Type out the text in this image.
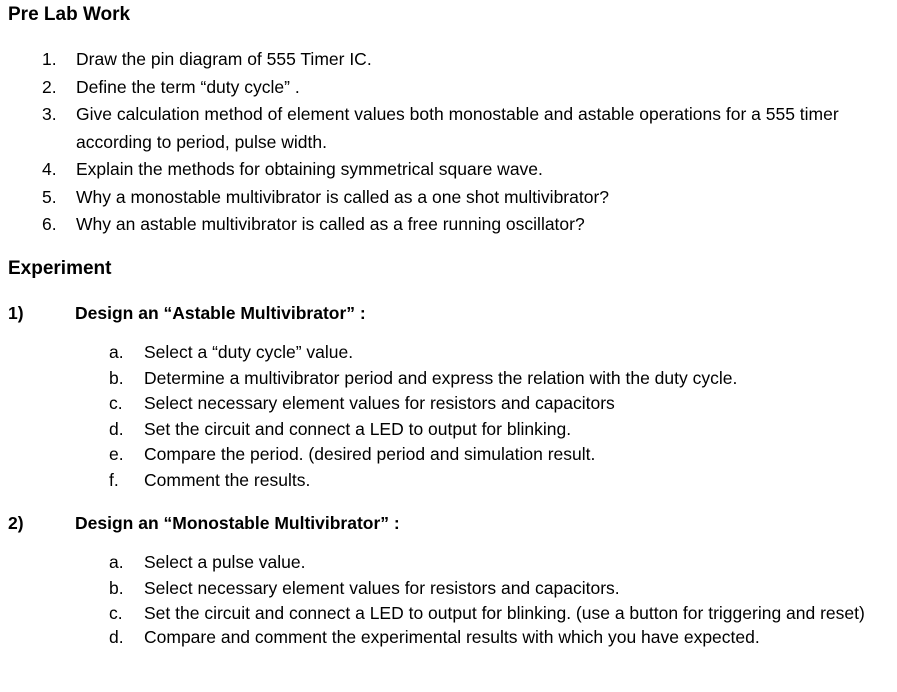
Pre Lab Work
1. Draw the pin diagram of 555 Timer IC.
2. Define the term “duty cycle” .
3. Give calculation method of element values both monostable and astable operations for a 555 timer according to period, pulse width.
4. Explain the methods for obtaining symmetrical square wave.
5. Why a monostable multivibrator is called as a one shot multivibrator?
6. Why an astable multivibrator is called as a free running oscillator?
Experiment
1)	Design an “Astable Multivibrator” :
a. Select a “duty cycle” value.
b. Determine a multivibrator period and express the relation with the duty cycle.
c. Select necessary element values for resistors and capacitors
d. Set the circuit and connect a LED to output for blinking.
e. Compare the period. (desired period and simulation result.
f. Comment the results.
2)	Design an “Monostable Multivibrator” :
a. Select a pulse value.
b. Select necessary element values for resistors and capacitors.
c. Set the circuit and connect a LED to output for blinking. (use a button for triggering and reset)
d. Compare and comment the experimental results with which you have expected.
